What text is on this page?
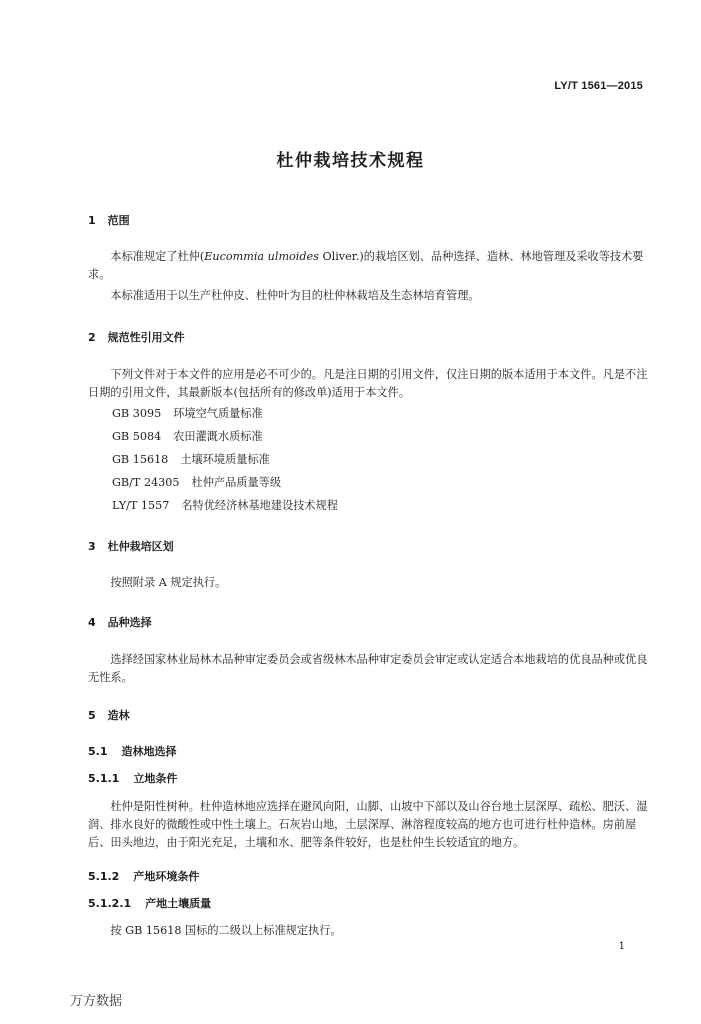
LY/T 1561—2015
杜仲栽培技术规程
1 范围
本标准规定了杜仲(Eucommia ulmoides Oliver.)的栽培区划、品种选择、造林、林地管理及采收等技术要求。
本标准适用于以生产杜仲皮、杜仲叶为目的杜仲林栽培及生态林培育管理。
2 规范性引用文件
下列文件对于本文件的应用是必不可少的。凡是注日期的引用文件，仅注日期的版本适用于本文件。凡是不注日期的引用文件，其最新版本(包括所有的修改单)适用于本文件。
GB 3095 环境空气质量标准
GB 5084 农田灌溉水质标准
GB 15618 土壤环境质量标准
GB/T 24305 杜仲产品质量等级
LY/T 1557 名特优经济林基地建设技术规程
3 杜仲栽培区划
按照附录 A 规定执行。
4 品种选择
选择经国家林业局林木品种审定委员会或省级林木品种审定委员会审定或认定适合本地栽培的优良品种或优良无性系。
5 造林
5.1 造林地选择
5.1.1 立地条件
杜仲是阳性树种。杜仲造林地应选择在避风向阳，山脚、山坡中下部以及山谷台地土层深厚、疏松、肥沃、湿润、排水良好的微酸性或中性土壤上。石灰岩山地，土层深厚、淋溶程度较高的地方也可进行杜仲造林。房前屋后、田头地边，由于阳光充足，土壤和水、肥等条件较好，也是杜仲生长较适宜的地方。
5.1.2 产地环境条件
5.1.2.1 产地土壤质量
按 GB 15618 国标的二级以上标准规定执行。
1
万方数据
